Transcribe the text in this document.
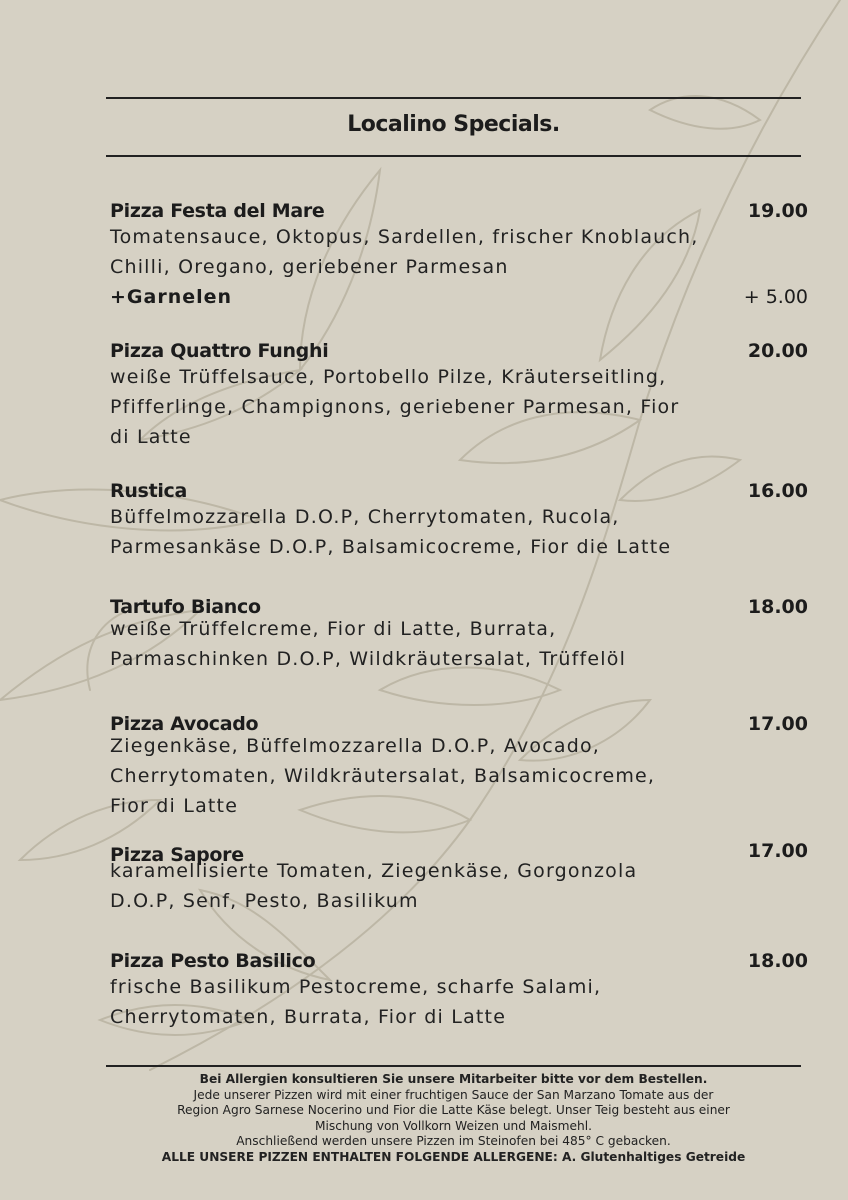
Localino Specials.
Pizza Festa del Mare	19.00
Tomatensauce, Oktopus, Sardellen, frischer Knoblauch,
Chilli, Oregano, geriebener Parmesan
+Garnelen	+ 5.00
Pizza Quattro Funghi	20.00
weiße Trüffelsauce, Portobello Pilze, Kräuterseitling,
Pfifferlinge, Champignons, geriebener Parmesan, Fior
di Latte
Rustica	16.00
Büffelmozzarella D.O.P, Cherrytomaten, Rucola,
Parmesankäse D.O.P, Balsamicocreme, Fior die Latte
Tartufo Bianco	18.00
weiße Trüffelcreme, Fior di Latte, Burrata,
Parmaschinken D.O.P, Wildkräutersalat, Trüffelöl
Pizza Avocado	17.00
Ziegenkäse, Büffelmozzarella D.O.P, Avocado,
Cherrytomaten, Wildkräutersalat, Balsamicocreme,
Fior di Latte
Pizza Sapore	17.00
karamellisierte Tomaten, Ziegenkäse, Gorgonzola
D.O.P, Senf, Pesto, Basilikum
Pizza Pesto Basilico	18.00
frische Basilikum Pestocreme, scharfe Salami,
Cherrytomaten, Burrata, Fior di Latte
Bei Allergien konsultieren Sie unsere Mitarbeiter bitte vor dem Bestellen.
Jede unserer Pizzen wird mit einer fruchtigen Sauce der San Marzano Tomate aus der
Region Agro Sarnese Nocerino und Fior die Latte Käse belegt. Unser Teig besteht aus einer
Mischung von Vollkorn Weizen und Maismehl.
Anschließend werden unsere Pizzen im Steinofen bei 485° C gebacken.
ALLE UNSERE PIZZEN ENTHALTEN FOLGENDE ALLERGENE: A. Glutenhaltiges Getreide
